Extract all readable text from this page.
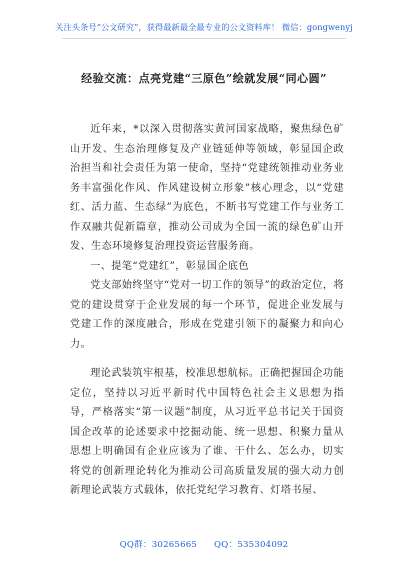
关注头条号“公文研究”，获得最新最全最专业的公文资料库！ 微信：gongwenyj
经验交流：点亮党建“三原色”绘就发展“同心圆”

近年来，*以深入贯彻落实黄河国家战略，聚焦绿色矿山开发、生态治理修复及产业链延伸等领域，彰显国企政治担当和社会责任为第一使命，坚持“党建统领推动业务业务丰富强化作风、作风建设树立形象”核心理念，以“党建红、活力蓝、生态绿”为底色，不断书写党建工作与业务工作双融共促新篇章，推动公司成为全国一流的绿色矿山开发、生态环境修复治理投资运营服务商。

一、提笔“党建红”，彰显国企底色

党支部始终坚守“党对一切工作的领导”的政治定位，将党的建设贯穿于企业发展的每一个环节，促进企业发展与党建工作的深度融合，形成在党建引领下的凝聚力和向心力。

理论武装筑牢根基，校准思想航标。正确把握国企功能定位，坚持以习近平新时代中国特色社会主义思想为指导，严格落实“第一议题”制度，从习近平总书记关于国资国企改革的论述要求中挖掘动能、统一思想、积聚力量从思想上明确国有企业应该为了谁、干什么、怎么办，切实将党的创新理论转化为推动公司高质量发展的强大动力创新理论武装方式载体，依托党纪学习教育、灯塔书屋、

QQ群：30265665 QQ：535304092
